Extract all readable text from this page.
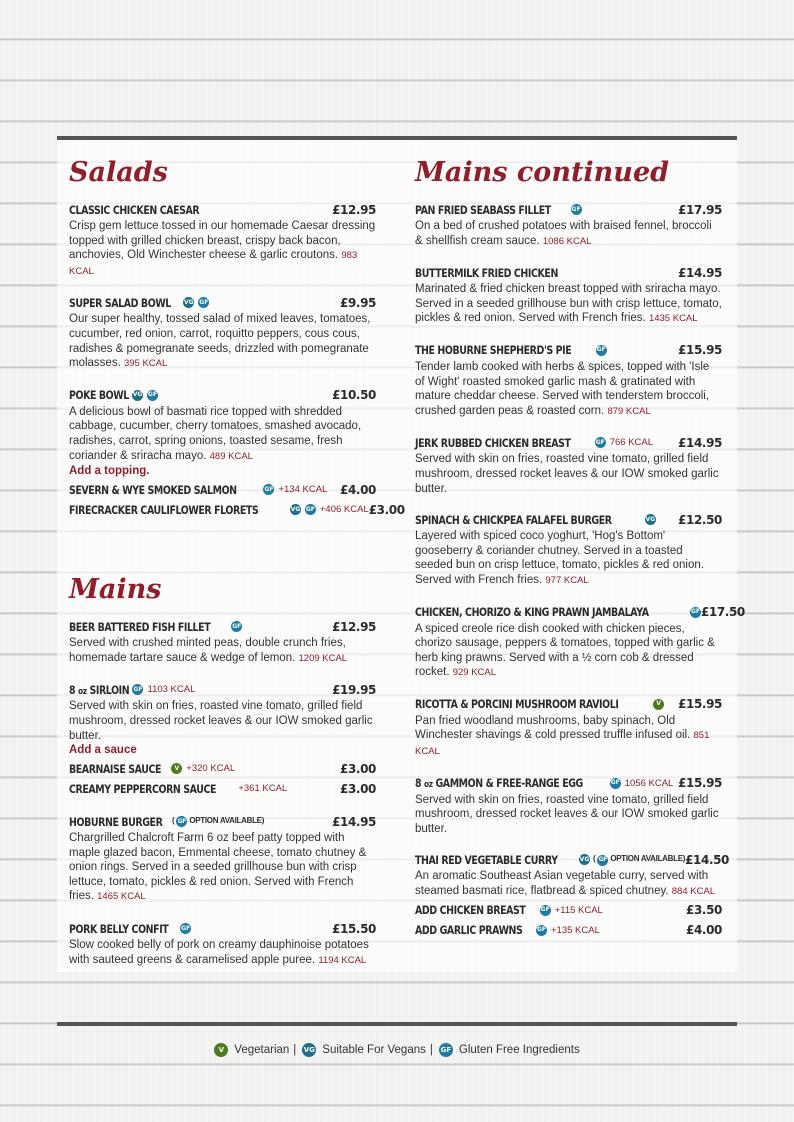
Salads
CLASSIC CHICKEN CAESAR	£12.95
Crisp gem lettuce tossed in our homemade Caesar dressing topped with grilled chicken breast, crispy back bacon, anchovies, Old Winchester cheese & garlic croutons. 983 KCAL
SUPER SALAD BOWL VG GF	£9.95
Our super healthy, tossed salad of mixed leaves, tomatoes, cucumber, red onion, carrot, roquitto peppers, cous cous, radishes & pomegranate seeds, drizzled with pomegranate molasses. 395 KCAL
POKE BOWL VG GF	£10.50
A delicious bowl of basmati rice topped with shredded cabbage, cucumber, cherry tomatoes, smashed avocado, radishes, carrot, spring onions, toasted sesame, fresh coriander & sriracha mayo. 489 KCAL
Add a topping.
SEVERN & WYE SMOKED SALMON	GF +134 KCAL £4.00
FIRECRACKER CAULIFLOWER FLORETS	VG GF +406 KCAL £3.00
Mains
BEER BATTERED FISH FILLET	GF	£12.95
Served with crushed minted peas, double crunch fries, homemade tartare sauce & wedge of lemon. 1209 KCAL
8 oz SIRLOIN GF 1103 KCAL	£19.95
Served with skin on fries, roasted vine tomato, grilled field mushroom, dressed rocket leaves & our IOW smoked garlic butter.
Add a sauce
BEARNAISE SAUCE	V +320 KCAL	£3.00
CREAMY PEPPERCORN SAUCE +361 KCAL	£3.00
HOBURNE BURGER ( GF OPTION AVAILABLE)	£14.95
Chargrilled Chalcroft Farm 6 oz beef patty topped with maple glazed bacon, Emmental cheese, tomato chutney & onion rings. Served in a seeded grillhouse bun with crisp lettuce, tomato, pickles & red onion. Served with French fries. 1465 KCAL
PORK BELLY CONFIT GF	£15.50
Slow cooked belly of pork on creamy dauphinoise potatoes with sauteed greens & caramelised apple puree. 1194 KCAL
Mains continued
PAN FRIED SEABASS FILLET	GF	£17.95
On a bed of crushed potatoes with braised fennel, broccoli & shellfish cream sauce. 1086 KCAL
BUTTERMILK FRIED CHICKEN	£14.95
Marinated & fried chicken breast topped with sriracha mayo. Served in a seeded grillhouse bun with crisp lettuce, tomato, pickles & red onion. Served with French fries. 1435 KCAL
THE HOBURNE SHEPHERD'S PIE	GF	£15.95
Tender lamb cooked with herbs & spices, topped with 'Isle of Wight' roasted smoked garlic mash & gratinated with mature cheddar cheese. Served with tenderstem broccoli, crushed garden peas & roasted corn. 879 KCAL
JERK RUBBED CHICKEN BREAST	GF 766 KCAL £14.95
Served with skin on fries, roasted vine tomato, grilled field mushroom, dressed rocket leaves & our IOW smoked garlic butter.
SPINACH & CHICKPEA FALAFEL BURGER	VG £12.50
Layered with spiced coco yoghurt, 'Hog's Bottom' gooseberry & coriander chutney. Served in a toasted seeded bun on crisp lettuce, tomato, pickles & red onion. Served with French fries. 977 KCAL
CHICKEN, CHORIZO & KING PRAWN JAMBALAYA	GF £17.50
A spiced creole rice dish cooked with chicken pieces, chorizo sausage, peppers & tomatoes, topped with garlic & herb king prawns. Served with a ½ corn cob & dressed rocket. 929 KCAL
RICOTTA & PORCINI MUSHROOM RAVIOLI	V £15.95
Pan fried woodland mushrooms, baby spinach, Old Winchester shavings & cold pressed truffle infused oil. 851 KCAL
8 oz GAMMON & FREE-RANGE EGG	GF 1056 KCAL £15.95
Served with skin on fries, roasted vine tomato, grilled field mushroom, dressed rocket leaves & our IOW smoked garlic butter.
THAI RED VEGETABLE CURRY	VG ( GF OPTION AVAILABLE) £14.50
An aromatic Southeast Asian vegetable curry, served with steamed basmati rice, flatbread & spiced chutney. 884 KCAL
ADD CHICKEN BREAST	GF +115 KCAL	£3.50
ADD GARLIC PRAWNS GF +135 KCAL	£4.00
V Vegetarian | VG Suitable For Vegans | GF Gluten Free Ingredients
